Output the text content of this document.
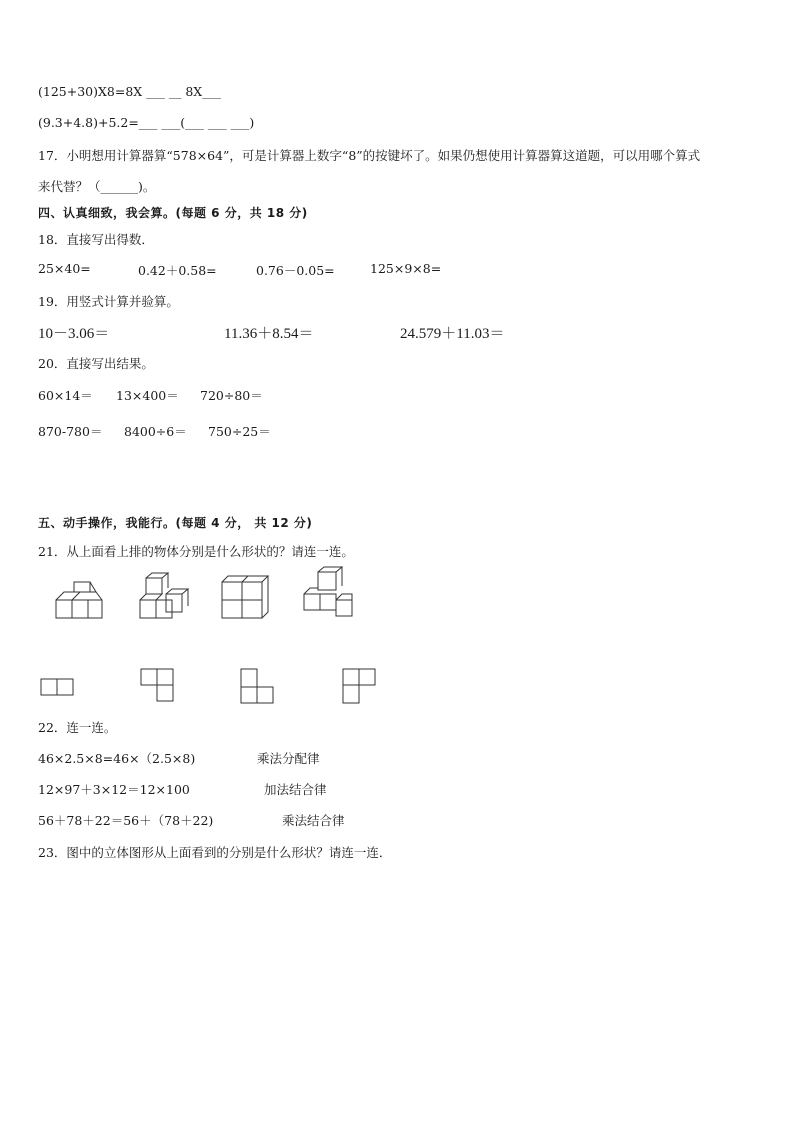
(125+30)X8=8X ___ __ 8X___
(9.3+4.8)+5.2=___ ___(___ ___ ___)
17．小明想用计算器算“578×64”，可是计算器上数字“8”的按键坏了。如果仍想使用计算器算这道题，可以用哪个算式
来代替？（______)。
四、认真细致，我会算。(每题 6 分，共 18 分)
18．直接写出得数．
25×40=	0.42＋0.58=	0.76－0.05=	125×9×8=
19．用竖式计算并验算。
10－3.06＝	11.36＋8.54＝	24.579＋11.03＝
20．直接写出结果。
60×14＝ 13×400＝ 720÷80＝
870-780＝ 8400÷6＝ 750÷25＝
五、动手操作，我能行。(每题 4 分， 共 12 分)
21．从上面看上排的物体分别是什么形状的？请连一连。
22．连一连。
46×2.5×8=46×（2.5×8)	乘法分配律
12×97＋3×12＝12×100	加法结合律
56＋78＋22＝56＋（78＋22)	乘法结合律
23．图中的立体图形从上面看到的分别是什么形状？请连一连．
